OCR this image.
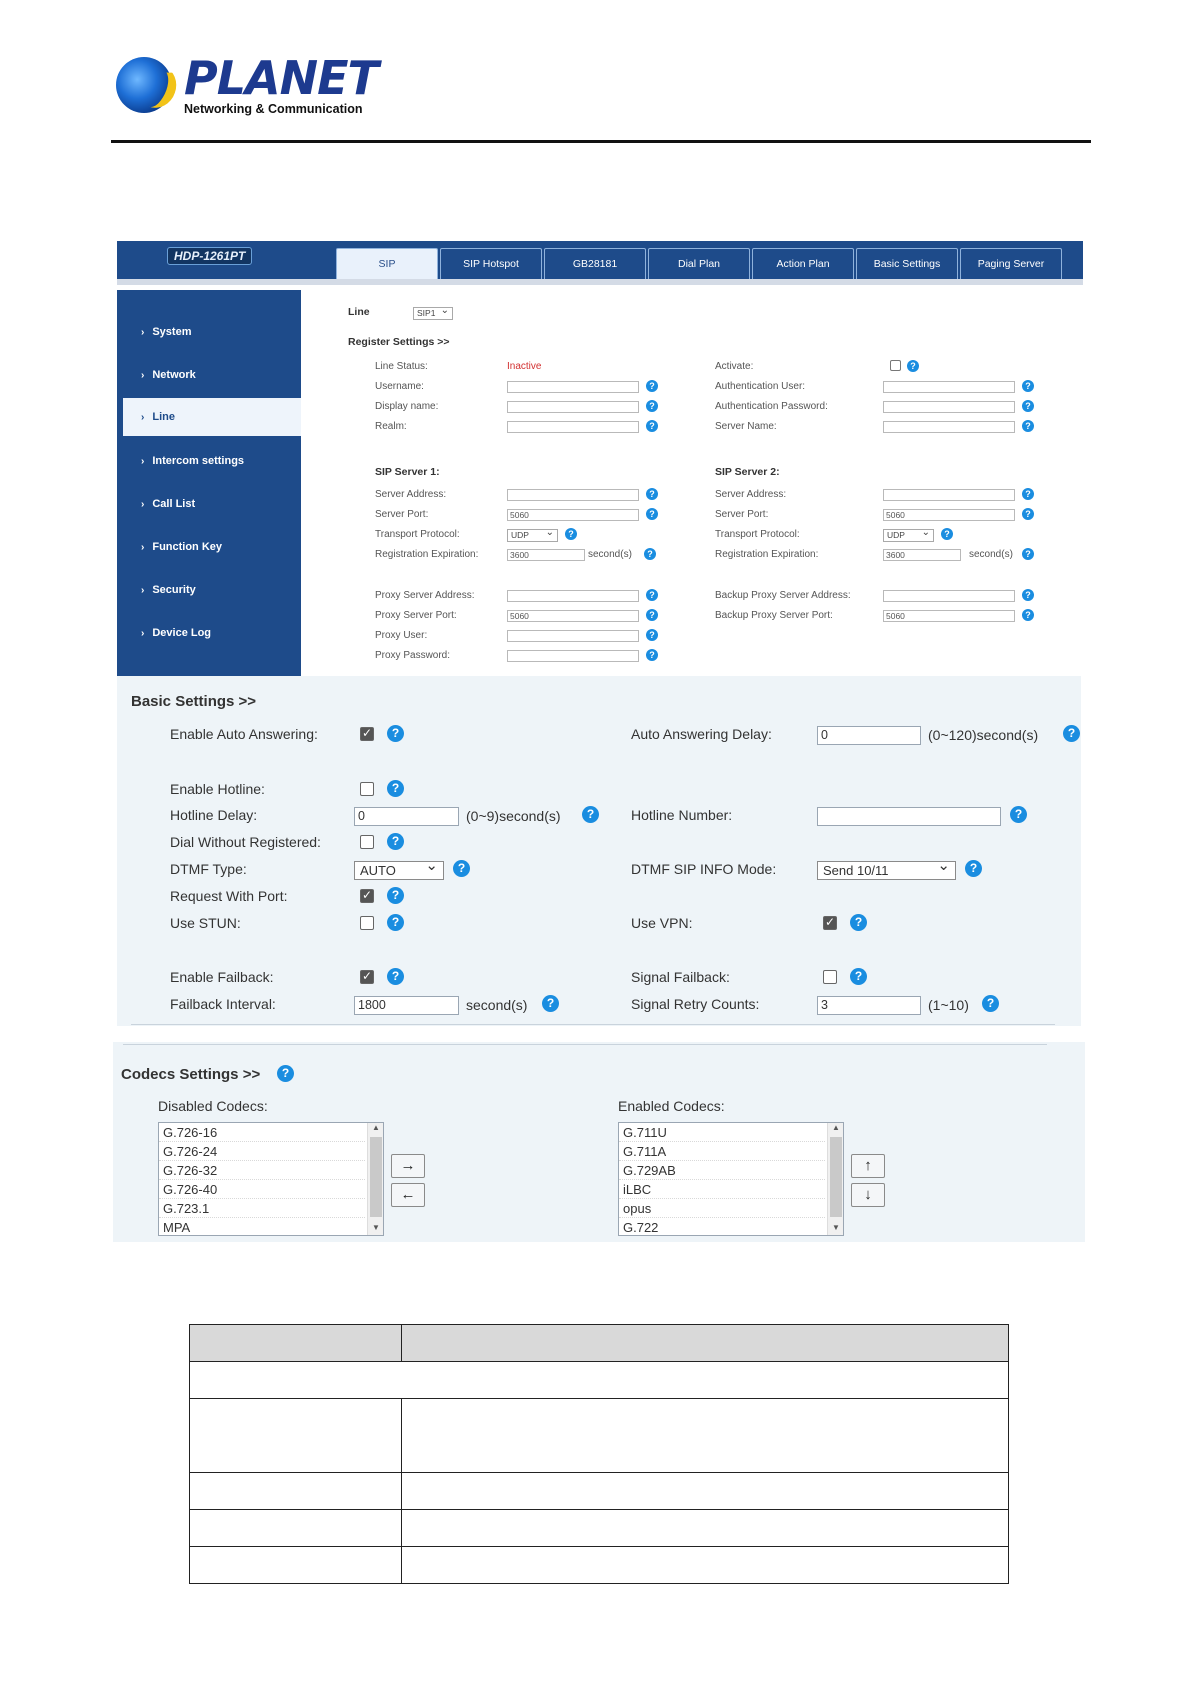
PLANET
Networking & Communication
HDP-1261PT
SIP	SIP Hotspot	GB28181	Dial Plan	Action Plan	Basic Settings	Paging Server
› System
› Network
› Line
› Intercom settings
› Call List
› Function Key
› Security
› Device Log
Line	SIP1 ⌄
Register Settings >>
Line Status:	Inactive
Username:	?
Display name:	?
Realm:	?
Activate:	?
Authentication User:	?
Authentication Password:	?
Server Name:	?
SIP Server 1:
Server Address:	?
Server Port:	5060	?
Transport Protocol:	UDP ⌄	?
Registration Expiration:	3600	second(s)	?
SIP Server 2:
Server Address:	?
Server Port:	5060	?
Transport Protocol:	UDP ⌄	?
Registration Expiration:	3600	second(s)	?
Proxy Server Address:	?
Proxy Server Port:	5060	?
Proxy User:	?
Proxy Password:	?
Backup Proxy Server Address:	?
Backup Proxy Server Port:	5060	?
Basic Settings >>
Enable Auto Answering:	✓	?	Auto Answering Delay:	0	(0~120)second(s)	?
Enable Hotline:	?
Hotline Delay:	0	(0~9)second(s)	?	Hotline Number:	?
Dial Without Registered:	?
DTMF Type:	AUTO ⌄	?	DTMF SIP INFO Mode:	Send 10/11 ⌄	?
Request With Port:	✓	?
Use STUN:	?	Use VPN:	✓	?
Enable Failback:	✓	?	Signal Failback:	?
Failback Interval:	1800	second(s)	?	Signal Retry Counts:	3	(1~10)	?
Codecs Settings >>	?
Disabled Codecs:
G.726-16
G.726-24
G.726-32
G.726-40
G.723.1
MPA
▲
▼
→
←
Enabled Codecs:
G.711U
G.711A
G.729AB
iLBC
opus
G.722
▲
▼
↑
↓
